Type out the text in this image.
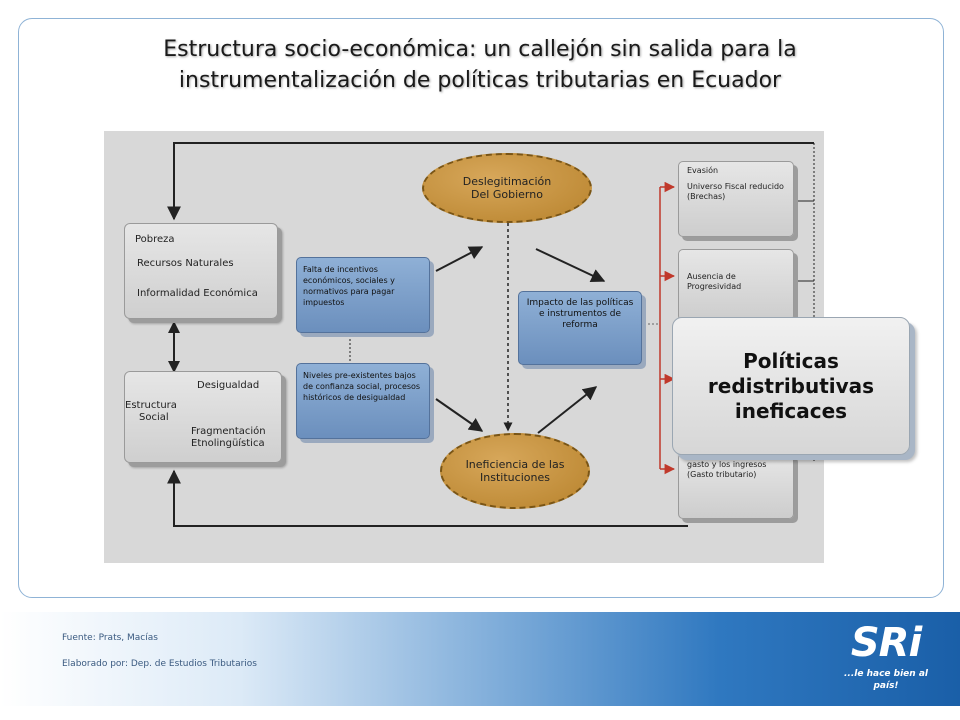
Estructura socio-económica: un callejón sin salida para la
instrumentalización de políticas tributarias en Ecuador
Pobreza
Recursos Naturales
Informalidad Económica
Desigualdad
Estructura
Social
Fragmentación
Etnolingüística
Falta de incentivos económicos, sociales y normativos para pagar impuestos
Niveles pre-existentes bajos de confianza social, procesos históricos de desigualdad
Deslegitimación
Del Gobierno
Ineficiencia de las
Instituciones
Impacto de las políticas e instrumentos de reforma
Evasión
Universo Fiscal reducido (Brechas)
Ausencia de Progresividad
gasto y los ingresos (Gasto tributario)
Políticas
redistributivas
ineficaces
Fuente: Prats, Macías
Elaborado por: Dep. de Estudios Tributarios	SRi
...le hace bien al país!
